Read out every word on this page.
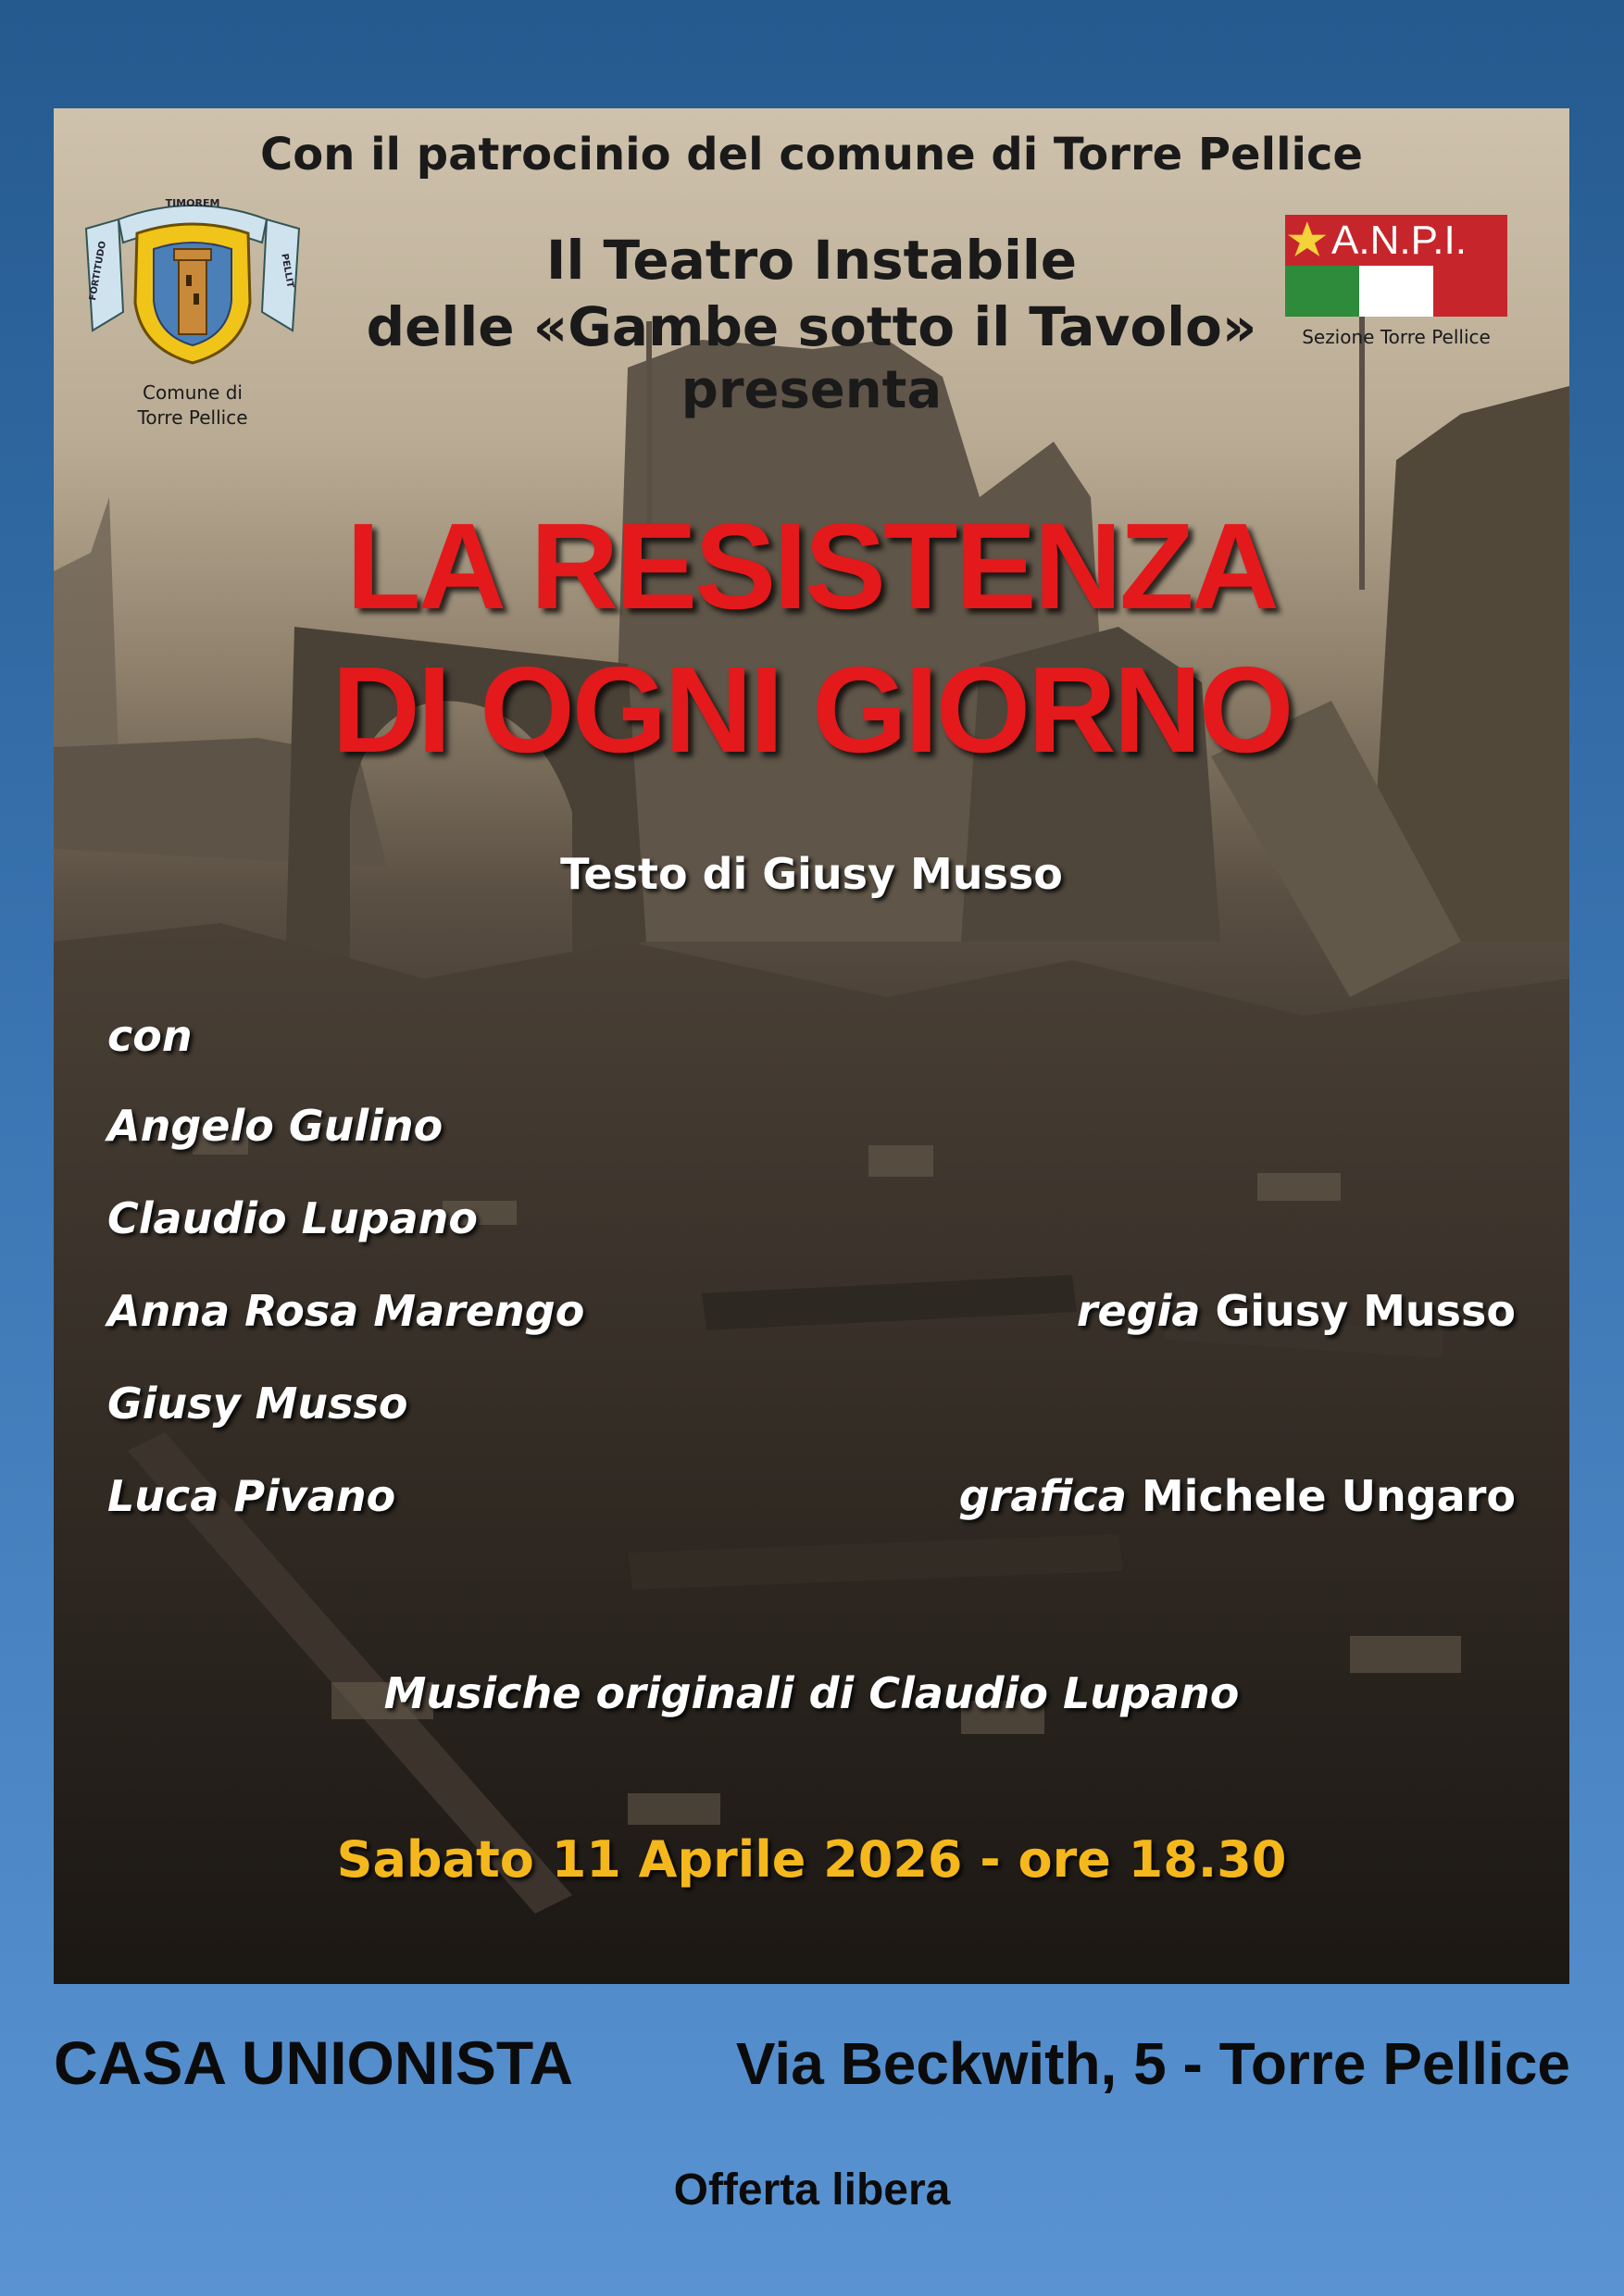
TIMOREM
FORTITUDO	PELLIT
Comune di
Torre Pellice
A.N.P.I.
Sezione Torre Pellice
Con il patrocinio del comune di Torre Pellice
Il Teatro Instabile
delle «Gambe sotto il Tavolo»
presenta
LA RESISTENZA
DI OGNI GIORNO
Testo di Giusy Musso
con
Angelo Gulino
Claudio Lupano
Anna Rosa Marengo
Giusy Musso
Luca Pivano
regia Giusy Musso
grafica Michele Ungaro
Musiche originali di Claudio Lupano
Sabato 11 Aprile 2026 - ore 18.30
CASA UNIONISTA	Via Beckwith, 5 - Torre Pellice
Offerta libera
